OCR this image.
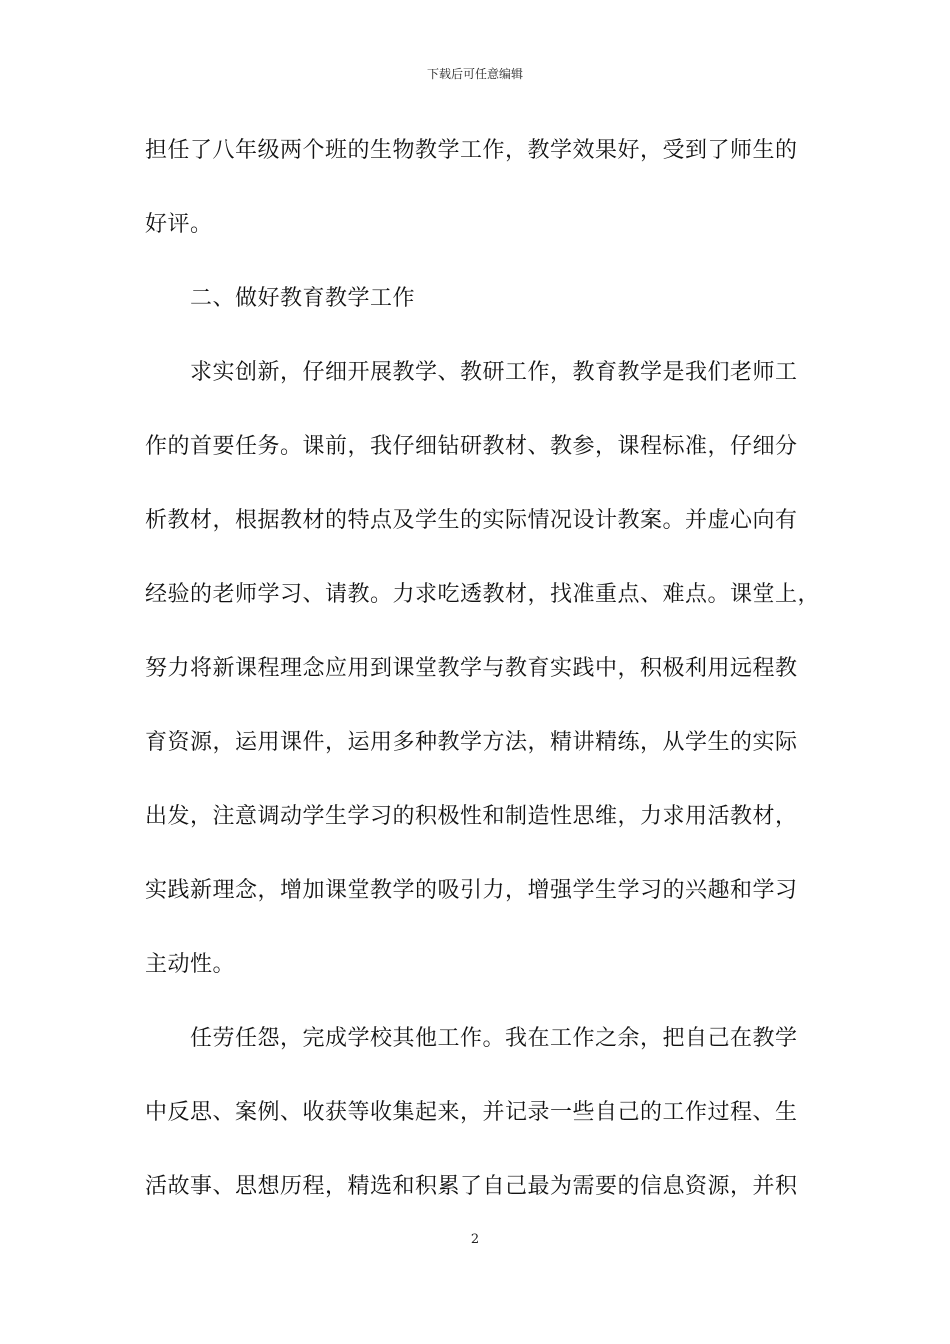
下载后可任意编辑
担任了八年级两个班的生物教学工作，教学效果好，受到了师生的
好评。
二、做好教育教学工作
求实创新，仔细开展教学、教研工作，教育教学是我们老师工
作的首要任务。课前，我仔细钻研教材、教参，课程标准，仔细分
析教材，根据教材的特点及学生的实际情况设计教案。并虚心向有
经验的老师学习、请教。力求吃透教材，找准重点、难点。课堂上，
努力将新课程理念应用到课堂教学与教育实践中，积极利用远程教
育资源，运用课件，运用多种教学方法，精讲精练，从学生的实际
出发，注意调动学生学习的积极性和制造性思维，力求用活教材，
实践新理念，增加课堂教学的吸引力，增强学生学习的兴趣和学习
主动性。
任劳任怨，完成学校其他工作。我在工作之余，把自己在教学
中反思、案例、收获等收集起来，并记录一些自己的工作过程、生
活故事、思想历程，精选和积累了自己最为需要的信息资源，并积
2
